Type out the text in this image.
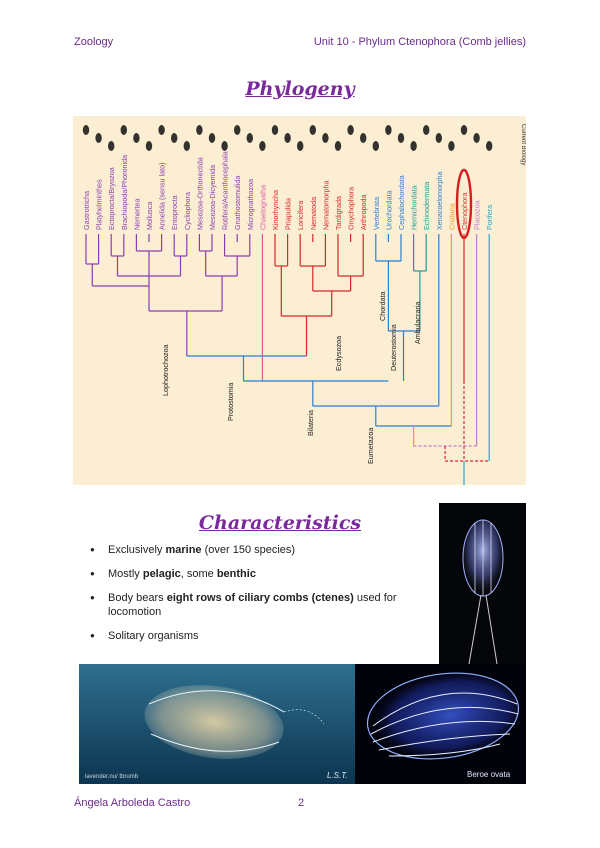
Zoology	Unit 10 - Phylum Ctenophora (Comb jellies)
Phylogeny
Current Biology
Gastrotricha Platyhelminthes Ectoprocta/Bryozoa Brachiopoda/Phoronida Nemertea Mollusca Annelida (sensu lato) Entoprocta Cycliophora Mesozoa-Orthonectida Mesozoa-Dicyemida Rotifera/Acanthocephala Gnathostomulida Micrognathozoa Chaetognatha Kinorhyncha Priapulida Loricifera Nematoda Nematomorpha Tardigrada Onychophora Arthropoda Vertebrata Urochordata Cephalochordata Hemichordata Echinodermata Xenacoelomorpha Cnidaria Ctenophora Placozoa Porifera
Lophotrochozoa
Protostomia
Ecdysozoa	Deuterostomia
Chordata	Ambulacraria
Bilateria
Eumetazoa
Characteristics
● Exclusively marine (over 150 species)
● Mostly pelagic, some benthic
● Body bears eight rows of ciliary combs (ctenes) used for locomotion
● Solitary organisms
L.S.T.
lavender.nu/ tbrumb	Beroe ovata
Ángela Arboleda Castro	2
